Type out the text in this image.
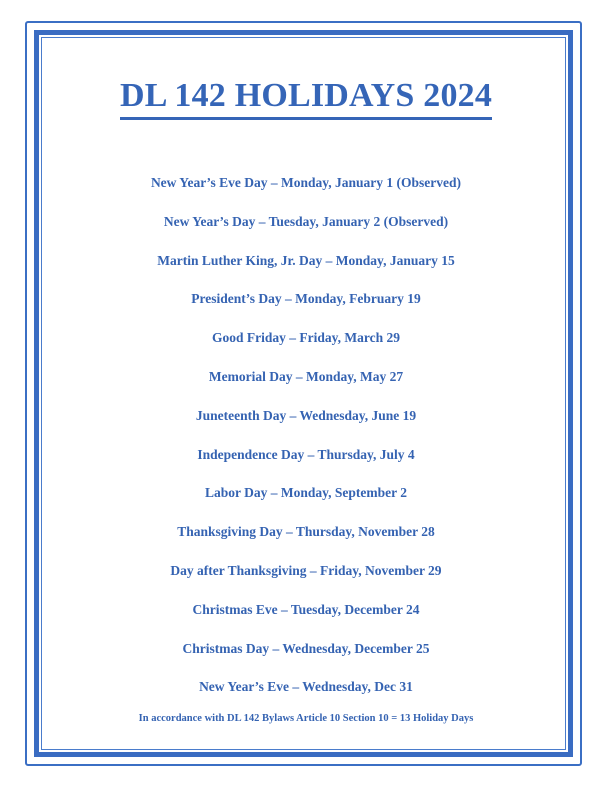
DL 142 HOLIDAYS 2024
New Year’s Eve Day – Monday, January 1 (Observed)
New Year’s Day – Tuesday, January 2 (Observed)
Martin Luther King, Jr. Day – Monday, January 15
President’s Day – Monday, February 19
Good Friday – Friday, March 29
Memorial Day – Monday, May 27
Juneteenth Day – Wednesday, June 19
Independence Day – Thursday, July 4
Labor Day – Monday, September 2
Thanksgiving Day – Thursday, November 28
Day after Thanksgiving – Friday, November 29
Christmas Eve – Tuesday, December 24
Christmas Day – Wednesday, December 25
New Year’s Eve – Wednesday, Dec 31
In accordance with DL 142 Bylaws Article 10 Section 10 = 13 Holiday Days
